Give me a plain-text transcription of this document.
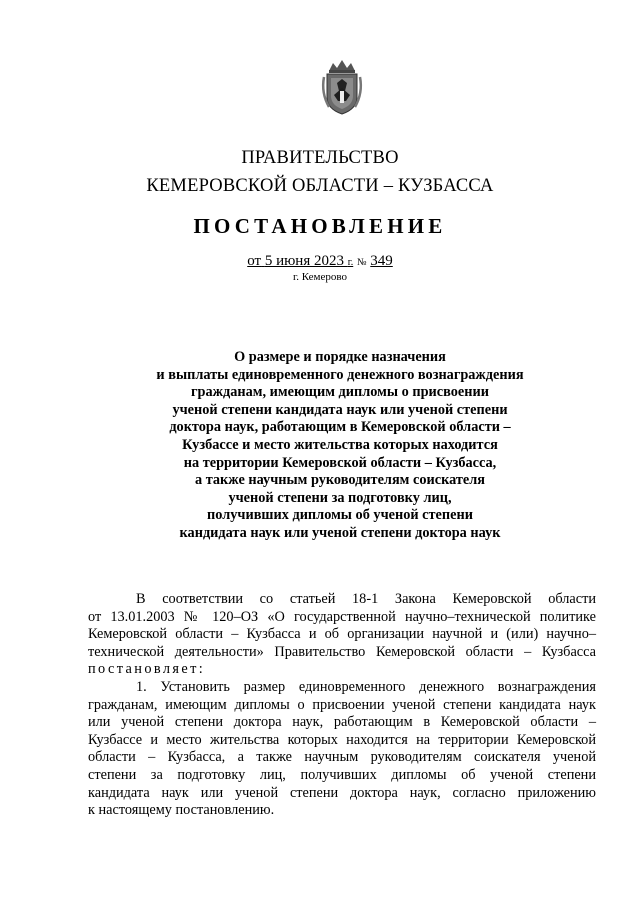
ПРАВИТЕЛЬСТВО
КЕМЕРОВСКОЙ ОБЛАСТИ – КУЗБАССА
ПОСТАНОВЛЕНИЕ
от 5 июня 2023 г. № 349
г. Кемерово
О размере и порядке назначения
и выплаты единовременного денежного вознаграждения
гражданам, имеющим дипломы о присвоении
ученой степени кандидата наук или ученой степени
доктора наук, работающим в Кемеровской области –
Кузбассе и место жительства которых находится
на территории Кемеровской области – Кузбасса,
а также научным руководителям соискателя
ученой степени за подготовку лиц,
получивших дипломы об ученой степени
кандидата наук или ученой степени доктора наук
В соответствии со статьей 18-1 Закона Кемеровской области
от 13.01.2003 № 120–ОЗ «О государственной научно–технической политике
Кемеровской области – Кузбасса и об организации научной и (или) научно–
технической деятельности» Правительство Кемеровской области – Кузбасса
постановляет:
1. Установить размер единовременного денежного вознаграждения
гражданам, имеющим дипломы о присвоении ученой степени кандидата наук
или ученой степени доктора наук, работающим в Кемеровской области –
Кузбассе и место жительства которых находится на территории Кемеровской
области – Кузбасса, а также научным руководителям соискателя ученой
степени за подготовку лиц, получивших дипломы об ученой степени
кандидата наук или ученой степени доктора наук, согласно приложению
к настоящему постановлению.
